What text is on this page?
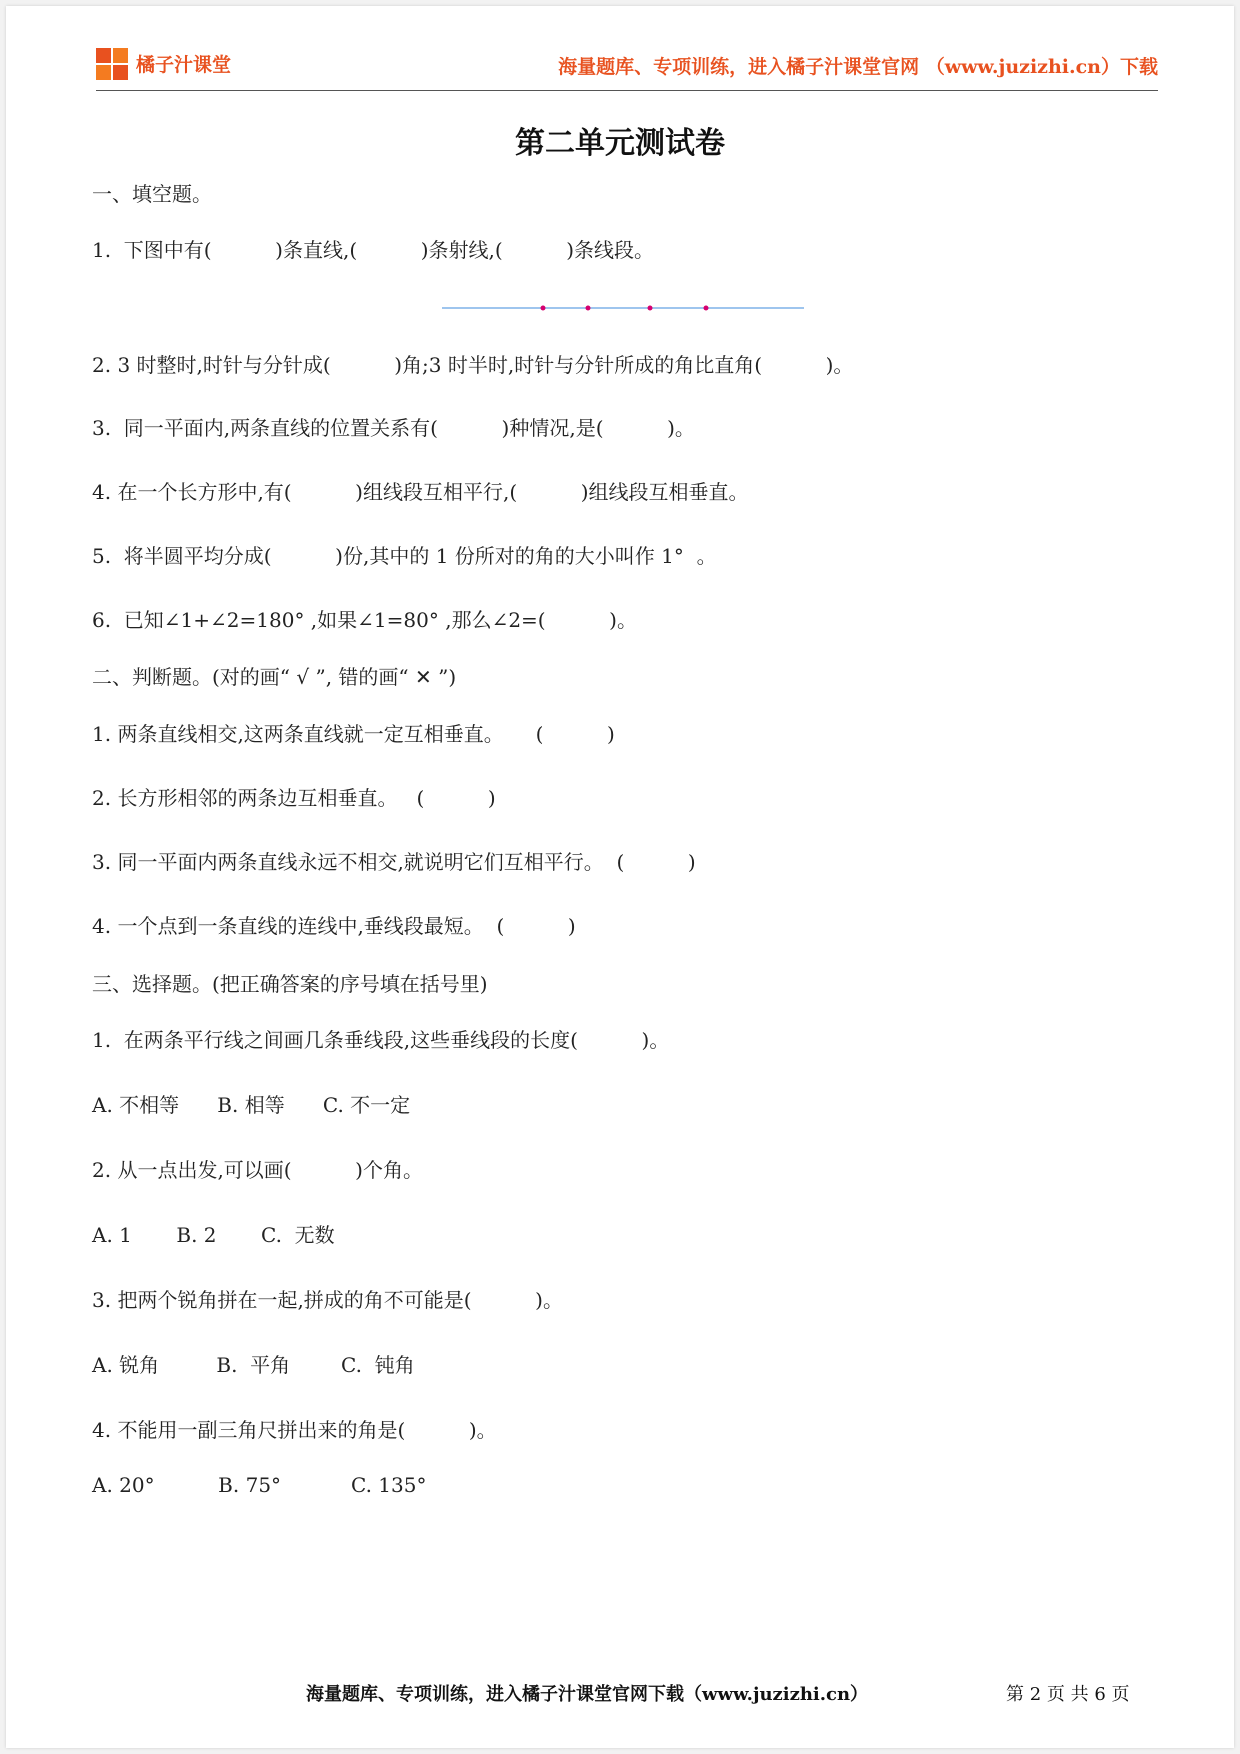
橘子汁课堂	海量题库、专项训练，进入橘子汁课堂官网 （www.juzizhi.cn）下载
第二单元测试卷
一、填空题。
1.  下图中有(          )条直线,(          )条射线,(          )条线段。
2. 3 时整时,时针与分针成(          )角;3 时半时,时针与分针所成的角比直角(          )。
3.  同一平面内,两条直线的位置关系有(          )种情况,是(          )。
4. 在一个长方形中,有(          )组线段互相平行,(          )组线段互相垂直。
5.  将半圆平均分成(          )份,其中的 1 份所对的角的大小叫作 1°  。
6.  已知∠1+∠2=180° ,如果∠1=80° ,那么∠2=(          )。
二、判断题。(对的画“ √ ”, 错的画“ ✕ ”)
1. 两条直线相交,这两条直线就一定互相垂直。     (          )
2. 长方形相邻的两条边互相垂直。   (          )
3. 同一平面内两条直线永远不相交,就说明它们互相平行。  (          )
4. 一个点到一条直线的连线中,垂线段最短。  (          )
三、选择题。(把正确答案的序号填在括号里)
1.  在两条平行线之间画几条垂线段,这些垂线段的长度(          )。
A. 不相等      B. 相等      C. 不一定
2. 从一点出发,可以画(          )个角。
A. 1       B. 2       C.  无数
3. 把两个锐角拼在一起,拼成的角不可能是(          )。
A. 锐角         B.  平角        C.  钝角
4. 不能用一副三角尺拼出来的角是(          )。
A. 20°          B. 75°           C. 135°
海量题库、专项训练，进入橘子汁课堂官网下载（www.juzizhi.cn）	第 2 页 共 6 页
